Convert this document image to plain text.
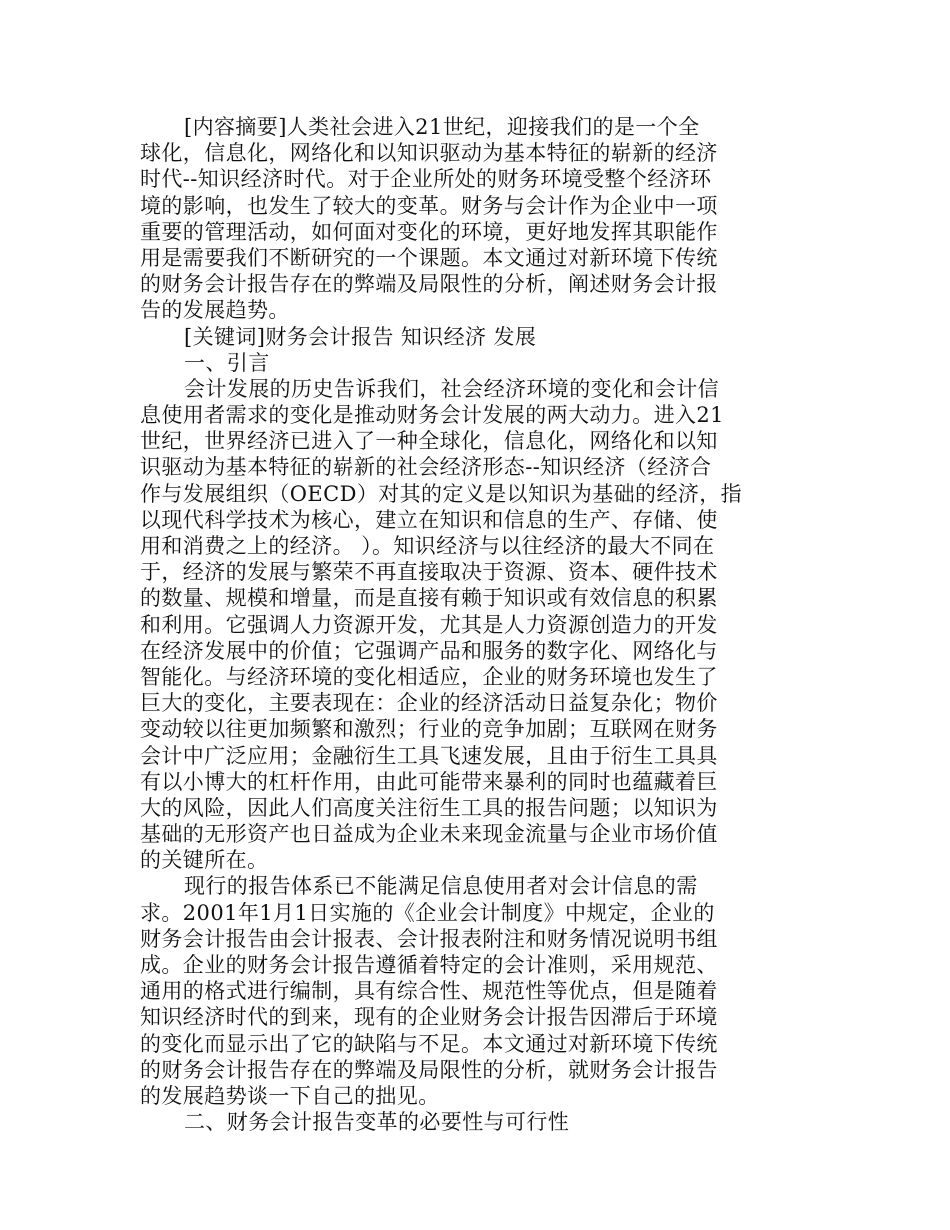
[内容摘要]人类社会进入21世纪，迎接我们的是一个全
球化，信息化，网络化和以知识驱动为基本特征的崭新的经济
时代--知识经济时代。对于企业所处的财务环境受整个经济环
境的影响，也发生了较大的变革。财务与会计作为企业中一项
重要的管理活动，如何面对变化的环境，更好地发挥其职能作
用是需要我们不断研究的一个课题。本文通过对新环境下传统
的财务会计报告存在的弊端及局限性的分析，阐述财务会计报
告的发展趋势。
[关键词]财务会计报告 知识经济 发展
一、引言
会计发展的历史告诉我们，社会经济环境的变化和会计信
息使用者需求的变化是推动财务会计发展的两大动力。进入21
世纪，世界经济已进入了一种全球化，信息化，网络化和以知
识驱动为基本特征的崭新的社会经济形态--知识经济（经济合
作与发展组织（OECD）对其的定义是以知识为基础的经济，指
以现代科学技术为核心，建立在知识和信息的生产、存储、使
用和消费之上的经济。 ）。知识经济与以往经济的最大不同在
于，经济的发展与繁荣不再直接取决于资源、资本、硬件技术
的数量、规模和增量，而是直接有赖于知识或有效信息的积累
和利用。它强调人力资源开发，尤其是人力资源创造力的开发
在经济发展中的价值；它强调产品和服务的数字化、网络化与
智能化。与经济环境的变化相适应，企业的财务环境也发生了
巨大的变化，主要表现在：企业的经济活动日益复杂化；物价
变动较以往更加频繁和激烈；行业的竞争加剧；互联网在财务
会计中广泛应用；金融衍生工具飞速发展，且由于衍生工具具
有以小博大的杠杆作用，由此可能带来暴利的同时也蕴藏着巨
大的风险，因此人们高度关注衍生工具的报告问题；以知识为
基础的无形资产也日益成为企业未来现金流量与企业市场价值
的关键所在。
现行的报告体系已不能满足信息使用者对会计信息的需
求。2001年1月1日实施的《企业会计制度》中规定，企业的
财务会计报告由会计报表、会计报表附注和财务情况说明书组
成。企业的财务会计报告遵循着特定的会计准则，采用规范、
通用的格式进行编制，具有综合性、规范性等优点，但是随着
知识经济时代的到来，现有的企业财务会计报告因滞后于环境
的变化而显示出了它的缺陷与不足。本文通过对新环境下传统
的财务会计报告存在的弊端及局限性的分析，就财务会计报告
的发展趋势谈一下自己的拙见。
二、财务会计报告变革的必要性与可行性
